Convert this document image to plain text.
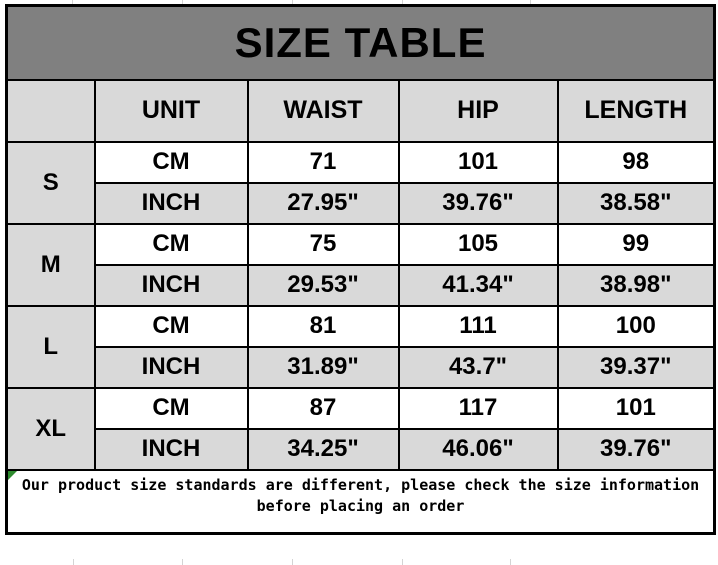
SIZE TABLE				
	UNIT	WAIST	HIP	LENGTH
S	CM	71	101	98
	INCH	27.95"	39.76"	38.58"
M	CM	75	105	99
	INCH	29.53"	41.34"	38.98"
L	CM	81	111	100
	INCH	31.89"	43.7"	39.37"
XL	CM	87	117	101
	INCH	34.25"	46.06"	39.76"

Our product size standards are different, please check the size information before placing an order				
